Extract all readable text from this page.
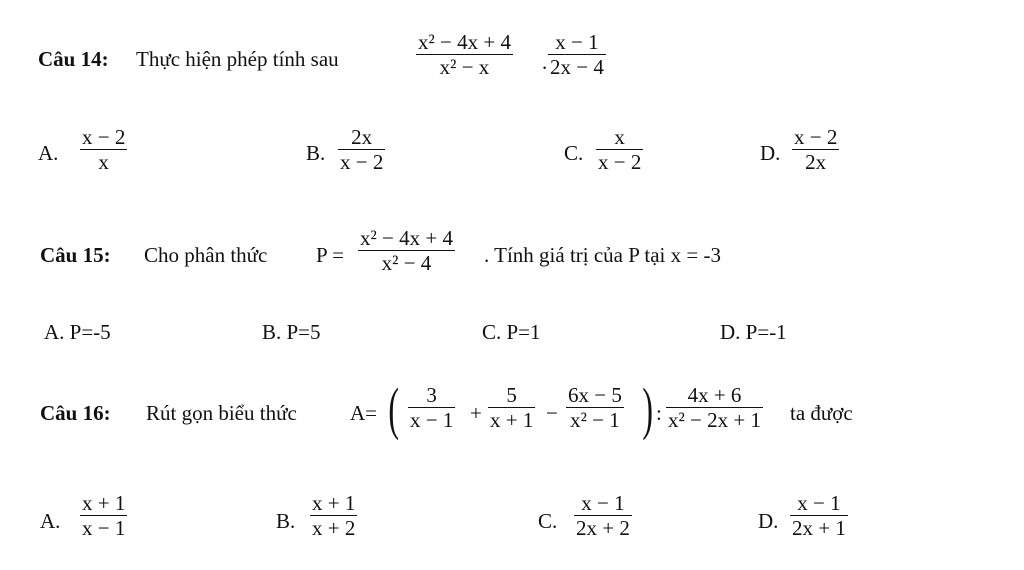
Câu 14: Thực hiện phép tính sau	$\frac{\text{x² − 4x + 4}}{\text{x² − x}}$ . $\frac{x - 1}{2x - 4}$
A. $\frac{x - 2}{x}$	B. $\frac{2x}{x - 2}$	C. $\frac{x}{x - 2}$	D. $\frac{x - 2}{2x}$
Câu 15: Cho phân thức $P = \frac{\text{x² − 4x + 4}}{\text{x² − 4}}$ . Tính giá trị của P tại x = -3
A. P=-5	B. P=5	C. P=1	D. P=-1
Câu 16: Rút gọn biểu thức	A= ( $\frac{3}{x - 1} + \frac{5}{x + 1} - \frac{6x - 5}{\text{x² − 1}}$ ) : $\frac{4x + 6}{\text{x² − 2x + 1}}$ ta được
A. $\frac{x + 1}{x - 1}$	B. $\frac{x + 1}{x + 2}$	C. $\frac{x - 1}{2x + 2}$	D. $\frac{x - 1}{2x + 1}$
